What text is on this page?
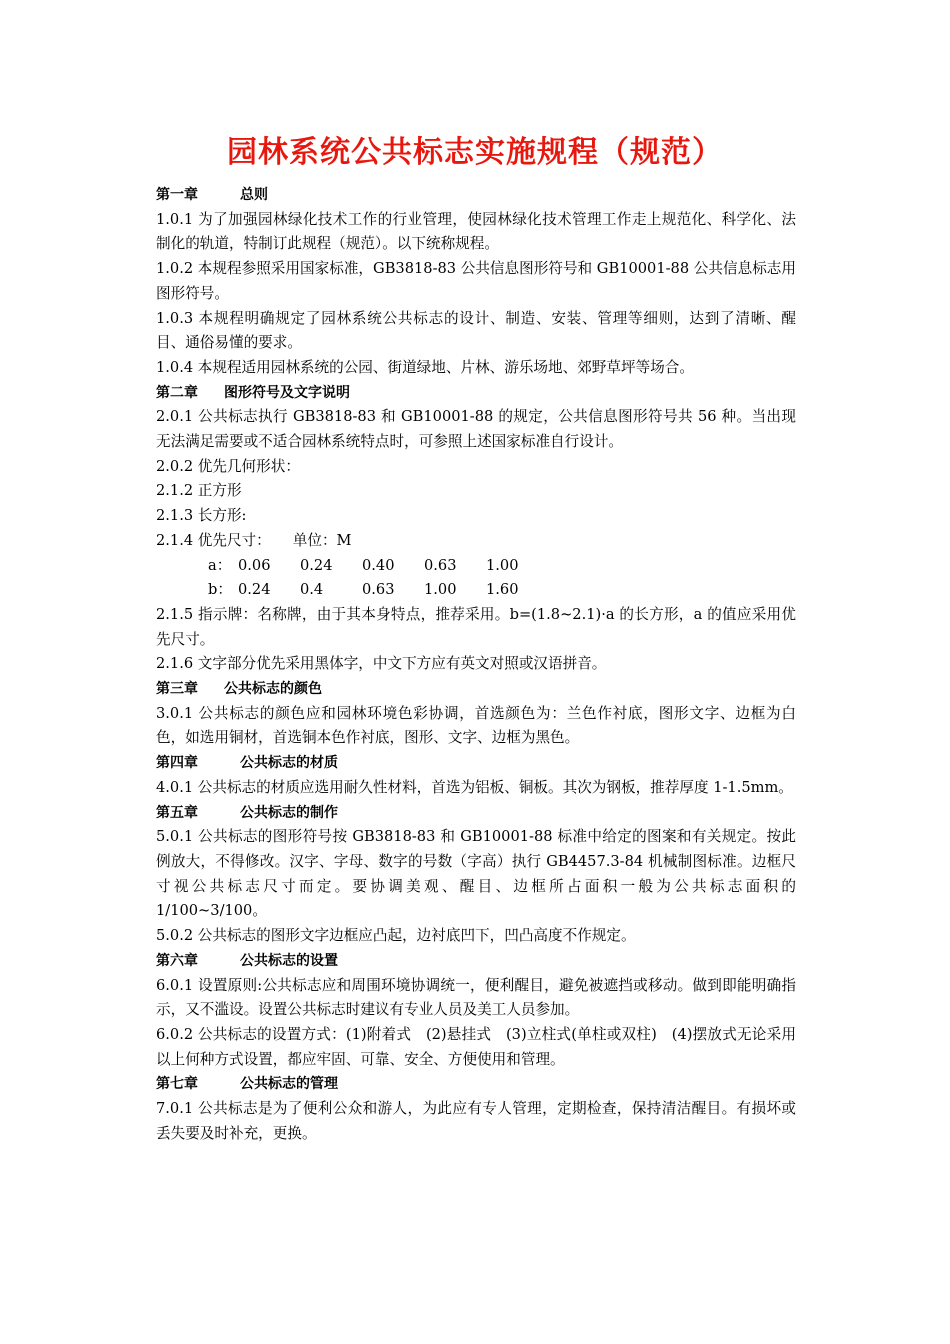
园林系统公共标志实施规程（规范）

第一章	总则

1.0.1 为了加强园林绿化技术工作的行业管理，使园林绿化技术管理工作走上规范化、科学化、法制化的轨道，特制订此规程（规范）。以下统称规程。

1.0.2 本规程参照采用国家标准，GB3818-83 公共信息图形符号和 GB10001-88 公共信息标志用图形符号。

1.0.3 本规程明确规定了园林系统公共标志的设计、制造、安装、管理等细则，达到了清晰、醒目、通俗易懂的要求。

1.0.4 本规程适用园林系统的公园、街道绿地、片林、游乐场地、郊野草坪等场合。

第二章 图形符号及文字说明

2.0.1 公共标志执行 GB3818-83 和 GB10001-88 的规定，公共信息图形符号共 56 种。当出现无法满足需要或不适合园林系统特点时，可参照上述国家标准自行设计。

2.0.2 优先几何形状：

2.1.2 正方形

2.1.3 长方形:

2.1.4 优先尺寸： 单位：M

a： 0.06 0.24 0.40 0.63 1.00

b： 0.24 0.4	0.63 1.00 1.60

2.1.5 指示牌：名称牌，由于其本身特点，推荐采用。b=(1.8~2.1)·a 的长方形，a 的值应采用优先尺寸。

2.1.6 文字部分优先采用黑体字，中文下方应有英文对照或汉语拼音。

第三章 公共标志的颜色

3.0.1 公共标志的颜色应和园林环境色彩协调，首选颜色为：兰色作衬底，图形文字、边框为白色，如选用铜材，首选铜本色作衬底，图形、文字、边框为黑色。

第四章	公共标志的材质

4.0.1 公共标志的材质应选用耐久性材料，首选为铝板、铜板。其次为钢板，推荐厚度 1-1.5mm。

第五章	公共标志的制作

5.0.1 公共标志的图形符号按 GB3818-83 和 GB10001-88 标准中给定的图案和有关规定。按此例放大，不得修改。汉字、字母、数字的号数（字高）执行 GB4457.3-84 机械制图标准。边框尺寸视公共标志尺寸而定。要协调美观、醒目、边框所占面积一般为公共标志面积的 1/100~3/100。

5.0.2 公共标志的图形文字边框应凸起，边衬底凹下，凹凸高度不作规定。

第六章	公共标志的设置

6.0.1 设置原则:公共标志应和周围环境协调统一，便利醒目，避免被遮挡或移动。做到即能明确指示，又不滥设。设置公共标志时建议有专业人员及美工人员参加。

6.0.2 公共标志的设置方式：(1)附着式　(2)悬挂式　(3)立柱式(单柱或双柱)　(4)摆放式无论采用以上何种方式设置，都应牢固、可靠、安全、方便使用和管理。

第七章	公共标志的管理

7.0.1 公共标志是为了便利公众和游人，为此应有专人管理，定期检查，保持清洁醒目。有损坏或丢失要及时补充，更换。
